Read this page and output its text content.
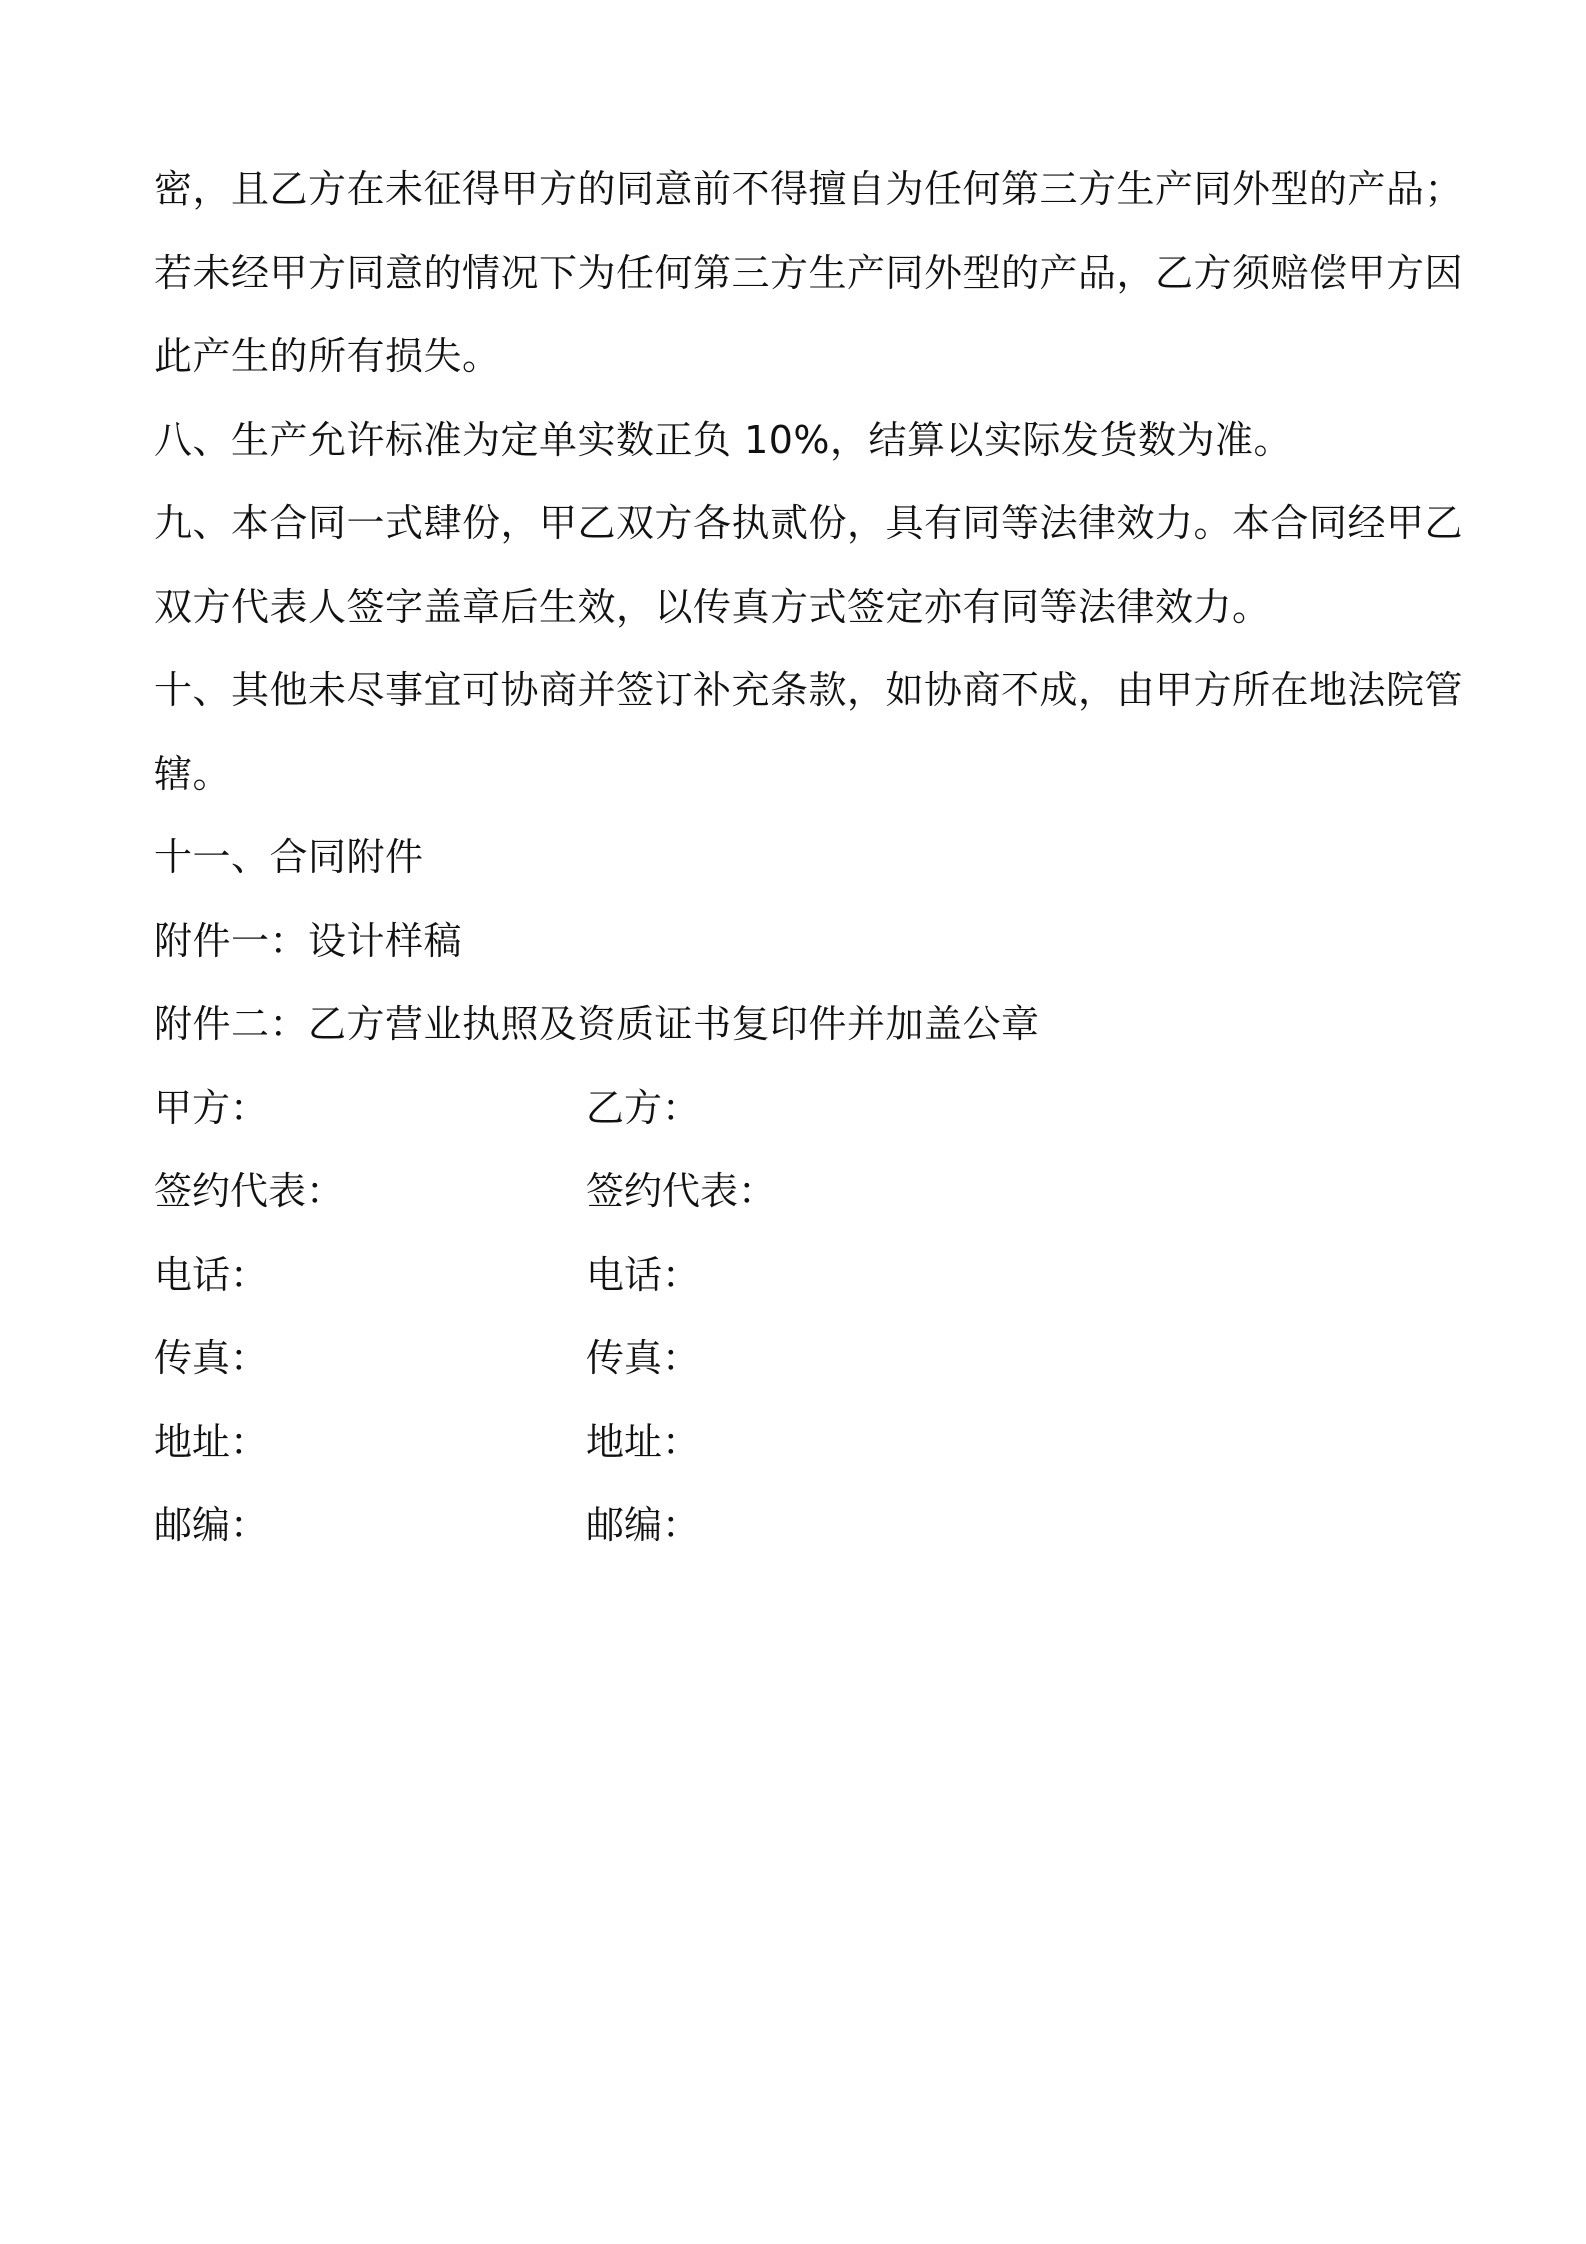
密，且乙方在未征得甲方的同意前不得擅自为任何第三方生产同外型的产品；
若未经甲方同意的情况下为任何第三方生产同外型的产品，乙方须赔偿甲方因
此产生的所有损失。
八、生产允许标准为定单实数正负 10%，结算以实际发货数为准。
九、本合同一式肆份，甲乙双方各执贰份，具有同等法律效力。本合同经甲乙
双方代表人签字盖章后生效，以传真方式签定亦有同等法律效力。
十、其他未尽事宜可协商并签订补充条款，如协商不成，由甲方所在地法院管
辖。
十一、合同附件
附件一：设计样稿
附件二：乙方营业执照及资质证书复印件并加盖公章
甲方：	乙方：
签约代表：	签约代表：
电话：	电话：
传真：	传真：
地址：	地址：
邮编：	邮编：
